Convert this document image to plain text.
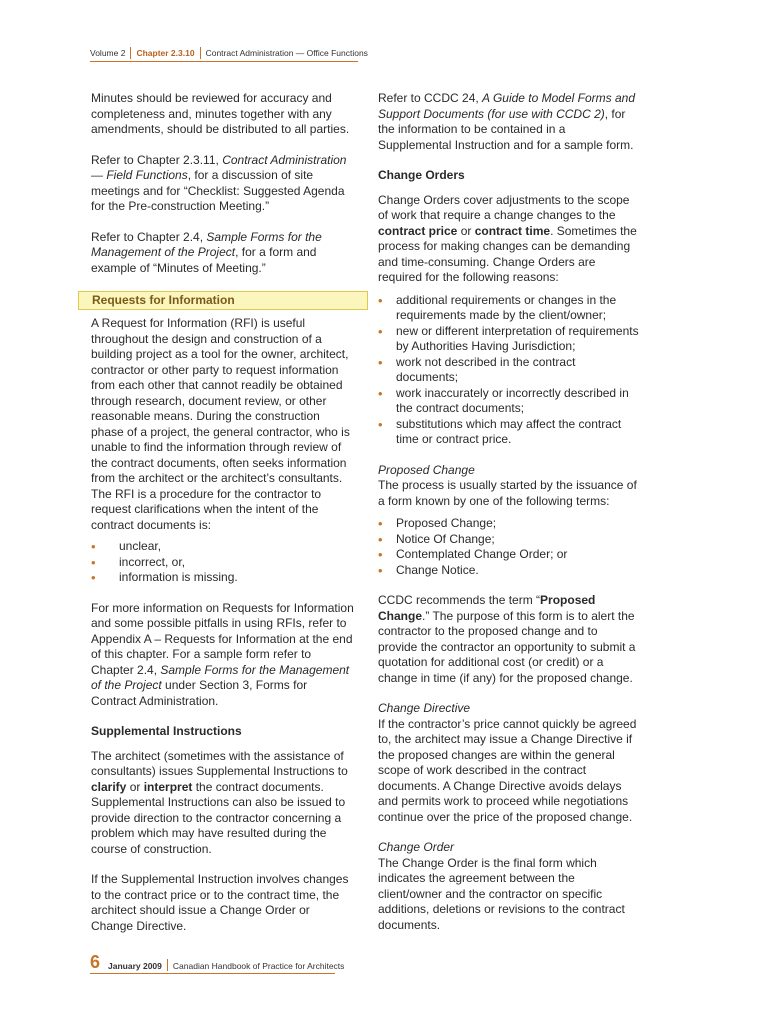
Volume 2 Chapter 2.3.10 Contract Administration — Office Functions

Minutes should be reviewed for accuracy and completeness and, minutes together with any amendments, should be distributed to all parties.

Refer to Chapter 2.3.11, Contract Administration — Field Functions, for a discussion of site meetings and for “Checklist: Suggested Agenda for the Pre-construction Meeting.”

Refer to Chapter 2.4, Sample Forms for the Management of the Project, for a form and example of “Minutes of Meeting.”

Requests for Information

A Request for Information (RFI) is useful throughout the design and construction of a building project as a tool for the owner, architect, contractor or other party to request information from each other that cannot readily be obtained through research, document review, or other reasonable means. During the construction phase of a project, the general contractor, who is unable to find the information through review of the contract documents, often seeks information from the architect or the architect’s consultants. The RFI is a procedure for the contractor to request clarifications when the intent of the contract documents is:

• unclear,
• incorrect, or,
• information is missing.

For more information on Requests for Information and some possible pitfalls in using RFIs, refer to Appendix A – Requests for Information at the end of this chapter. For a sample form refer to Chapter 2.4, Sample Forms for the Management of the Project under Section 3, Forms for Contract Administration.

Supplemental Instructions

The architect (sometimes with the assistance of consultants) issues Supplemental Instructions to clarify or interpret the contract documents. Supplemental Instructions can also be issued to provide direction to the contractor concerning a problem which may have resulted during the course of construction.

If the Supplemental Instruction involves changes to the contract price or to the contract time, the architect should issue a Change Order or Change Directive.

Refer to CCDC 24, A Guide to Model Forms and Support Documents (for use with CCDC 2), for the information to be contained in a Supplemental Instruction and for a sample form.

Change Orders

Change Orders cover adjustments to the scope of work that require a change changes to the contract price or contract time. Sometimes the process for making changes can be demanding and time-consuming. Change Orders are required for the following reasons:

• additional requirements or changes in the requirements made by the client/owner;
• new or different interpretation of requirements by Authorities Having Jurisdiction;
• work not described in the contract documents;
• work inaccurately or incorrectly described in the contract documents;
• substitutions which may affect the contract time or contract price.

Proposed Change

The process is usually started by the issuance of a form known by one of the following terms:

• Proposed Change;
• Notice Of Change;
• Contemplated Change Order; or
• Change Notice.

CCDC recommends the term “Proposed Change.” The purpose of this form is to alert the contractor to the proposed change and to provide the contractor an opportunity to submit a quotation for additional cost (or credit) or a change in time (if any) for the proposed change.

Change Directive

If the contractor’s price cannot quickly be agreed to, the architect may issue a Change Directive if the proposed changes are within the general scope of work described in the contract documents. A Change Directive avoids delays and permits work to proceed while negotiations continue over the price of the proposed change.

Change Order

The Change Order is the final form which indicates the agreement between the client/owner and the contractor on specific additions, deletions or revisions to the contract documents.

6 January 2009 Canadian Handbook of Practice for Architects
